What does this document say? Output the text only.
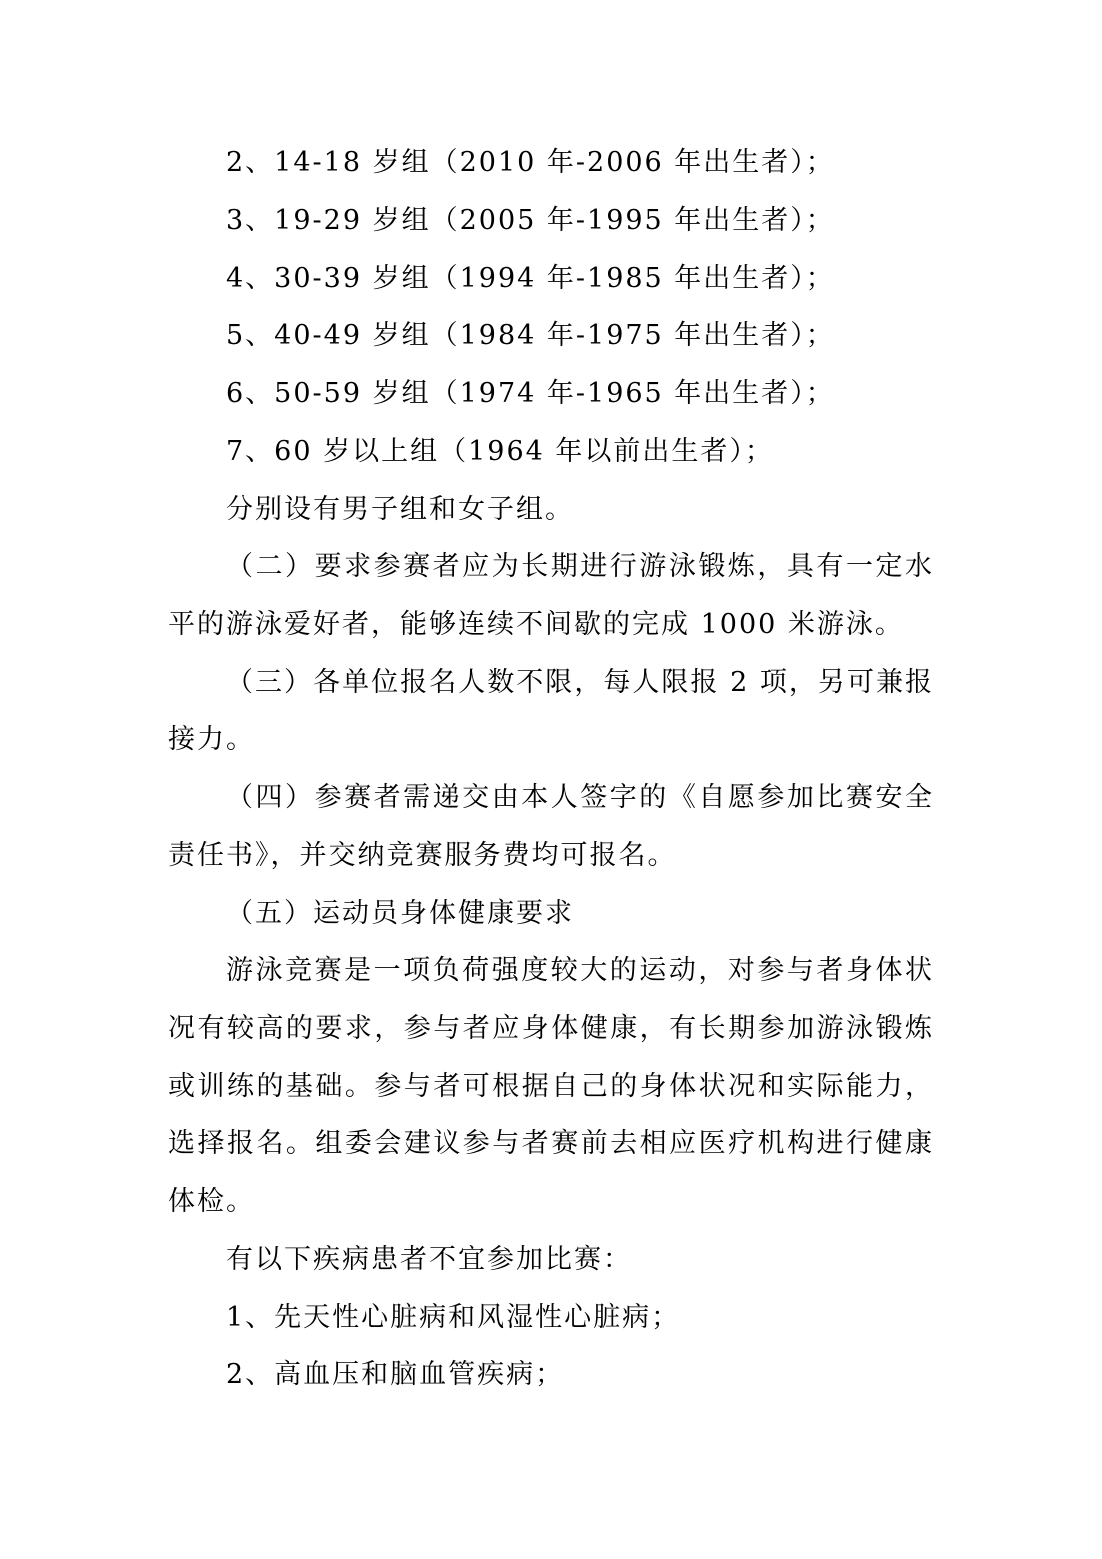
2、14-18 岁组（2010 年-2006 年出生者）；
3、19-29 岁组（2005 年-1995 年出生者）；
4、30-39 岁组（1994 年-1985 年出生者）；
5、40-49 岁组（1984 年-1975 年出生者）；
6、50-59 岁组（1974 年-1965 年出生者）；
7、60 岁以上组（1964 年以前出生者）；
分别设有男子组和女子组。
（二）要求参赛者应为长期进行游泳锻炼，具有一定水
平的游泳爱好者，能够连续不间歇的完成 1000 米游泳。
（三）各单位报名人数不限，每人限报 2 项，另可兼报
接力。
（四）参赛者需递交由本人签字的《自愿参加比赛安全
责任书》，并交纳竞赛服务费均可报名。
（五）运动员身体健康要求
游泳竞赛是一项负荷强度较大的运动，对参与者身体状
况有较高的要求，参与者应身体健康，有长期参加游泳锻炼
或训练的基础。参与者可根据自己的身体状况和实际能力，
选择报名。组委会建议参与者赛前去相应医疗机构进行健康
体检。
有以下疾病患者不宜参加比赛：
1、先天性心脏病和风湿性心脏病；
2、高血压和脑血管疾病；
